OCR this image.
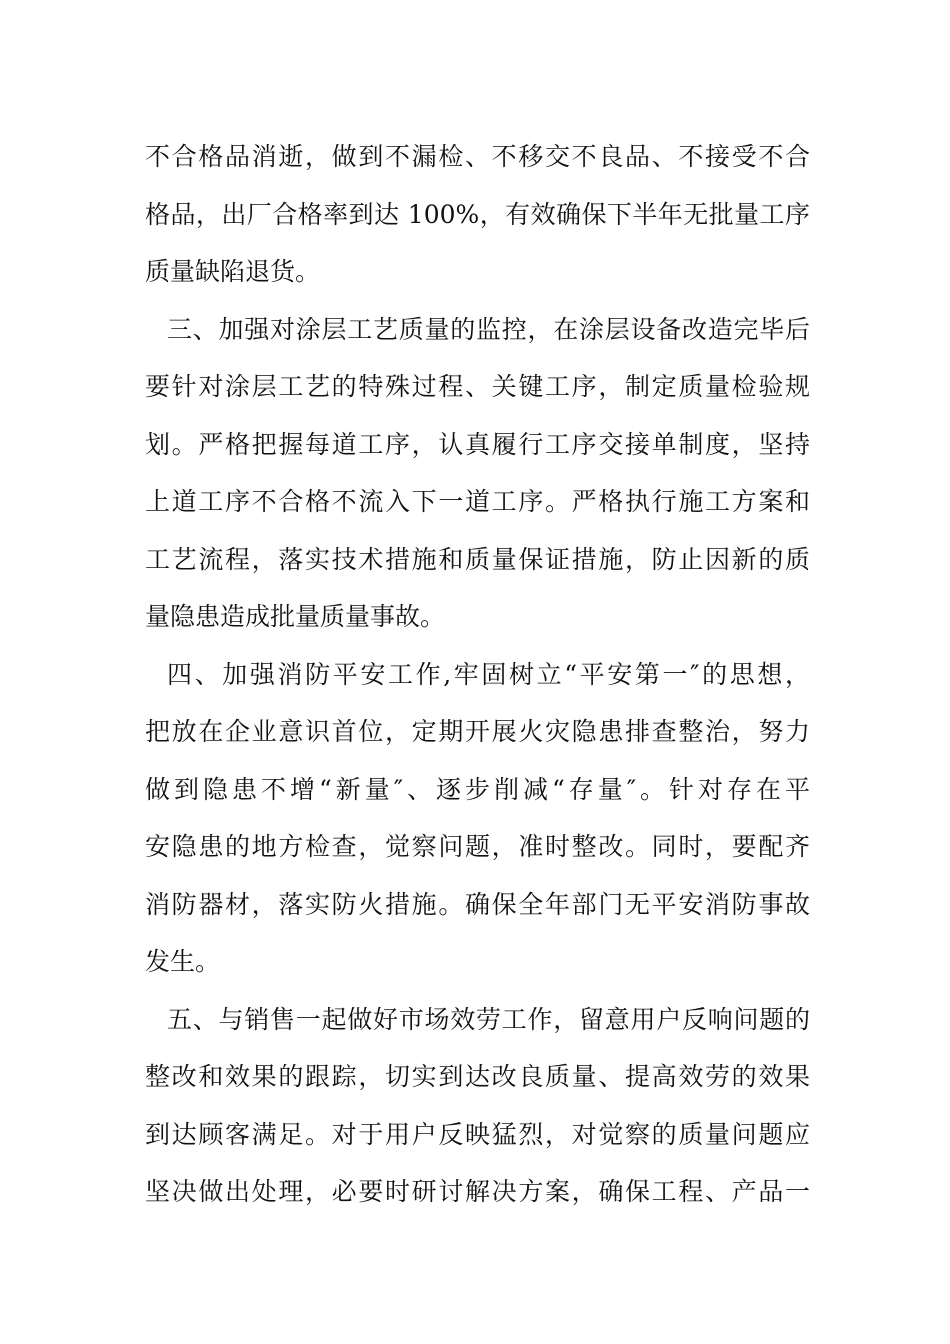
不合格品消逝，做到不漏检、不移交不良品、不接受不合
格品，出厂合格率到达 100%，有效确保下半年无批量工序
质量缺陷退货。
三、加强对涂层工艺质量的监控，在涂层设备改造完毕后
要针对涂层工艺的特殊过程、关键工序，制定质量检验规
划。严格把握每道工序，认真履行工序交接单制度，坚持
上道工序不合格不流入下一道工序。严格执行施工方案和
工艺流程，落实技术措施和质量保证措施，防止因新的质
量隐患造成批量质量事故。
四、加强消防平安工作,牢固树立“平安第一″的思想，
把放在企业意识首位，定期开展火灾隐患排查整治，努力
做到隐患不增“新量″、逐步削减“存量″。针对存在平
安隐患的地方检查，觉察问题，准时整改。同时，要配齐
消防器材，落实防火措施。确保全年部门无平安消防事故
发生。
五、与销售一起做好市场效劳工作，留意用户反响问题的
整改和效果的跟踪，切实到达改良质量、提高效劳的效果
到达顾客满足。对于用户反映猛烈，对觉察的质量问题应
坚决做出处理，必要时研讨解决方案，确保工程、产品一
